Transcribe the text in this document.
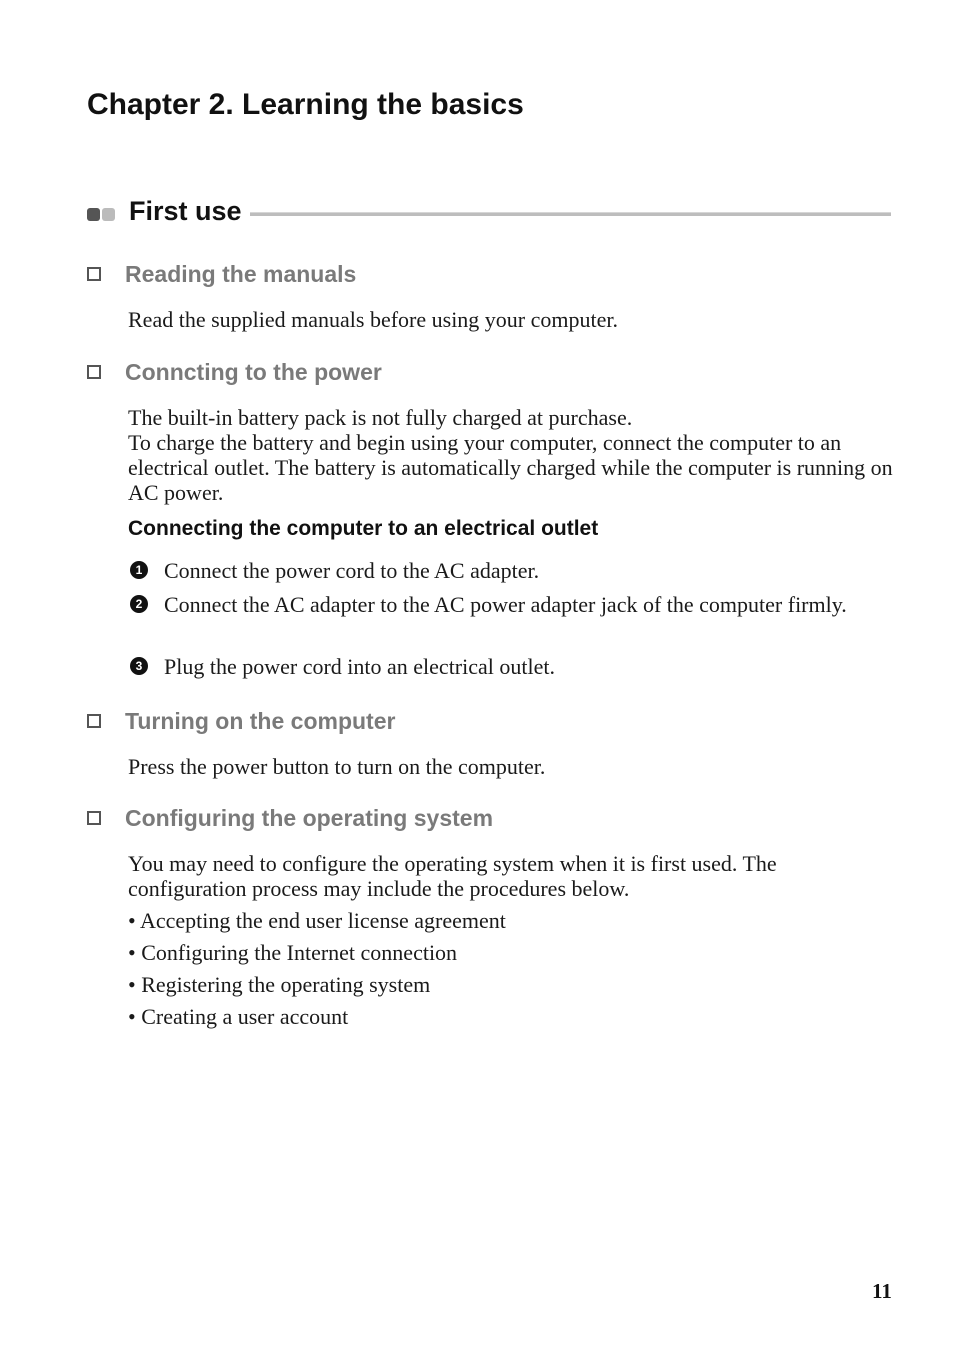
Chapter 2. Learning the basics
First use
Reading the manuals

Read the supplied manuals before using your computer.

Conncting to the power

The built-in battery pack is not fully charged at purchase.

To charge the battery and begin using your computer, connect the computer to an electrical outlet. The battery is automatically charged while the computer is running on AC power.

Connecting the computer to an electrical outlet

1 Connect the power cord to the AC adapter.

2 Connect the AC adapter to the AC power adapter jack of the computer firmly.

3 Plug the power cord into an electrical outlet.

Turning on the computer

Press the power button to turn on the computer.

Configuring the operating system

You may need to configure the operating system when it is first used. The configuration process may include the procedures below.

• Accepting the end user license agreement

• Configuring the Internet connection

• Registering the operating system

• Creating a user account

11
